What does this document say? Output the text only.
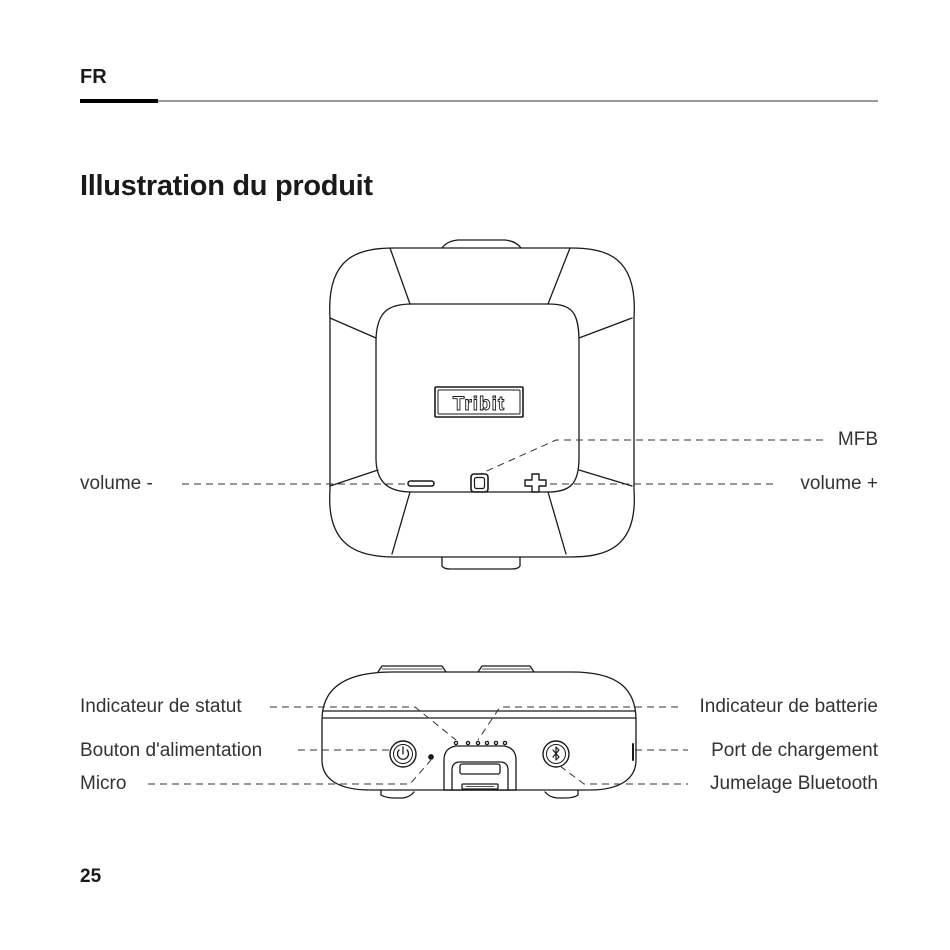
FR
Illustration du produit
Tribit
MFB
volume -	volume +
Indicateur de statut	Indicateur de batterie
Bouton d'alimentation	Port de chargement
Micro	Jumelage Bluetooth
25
